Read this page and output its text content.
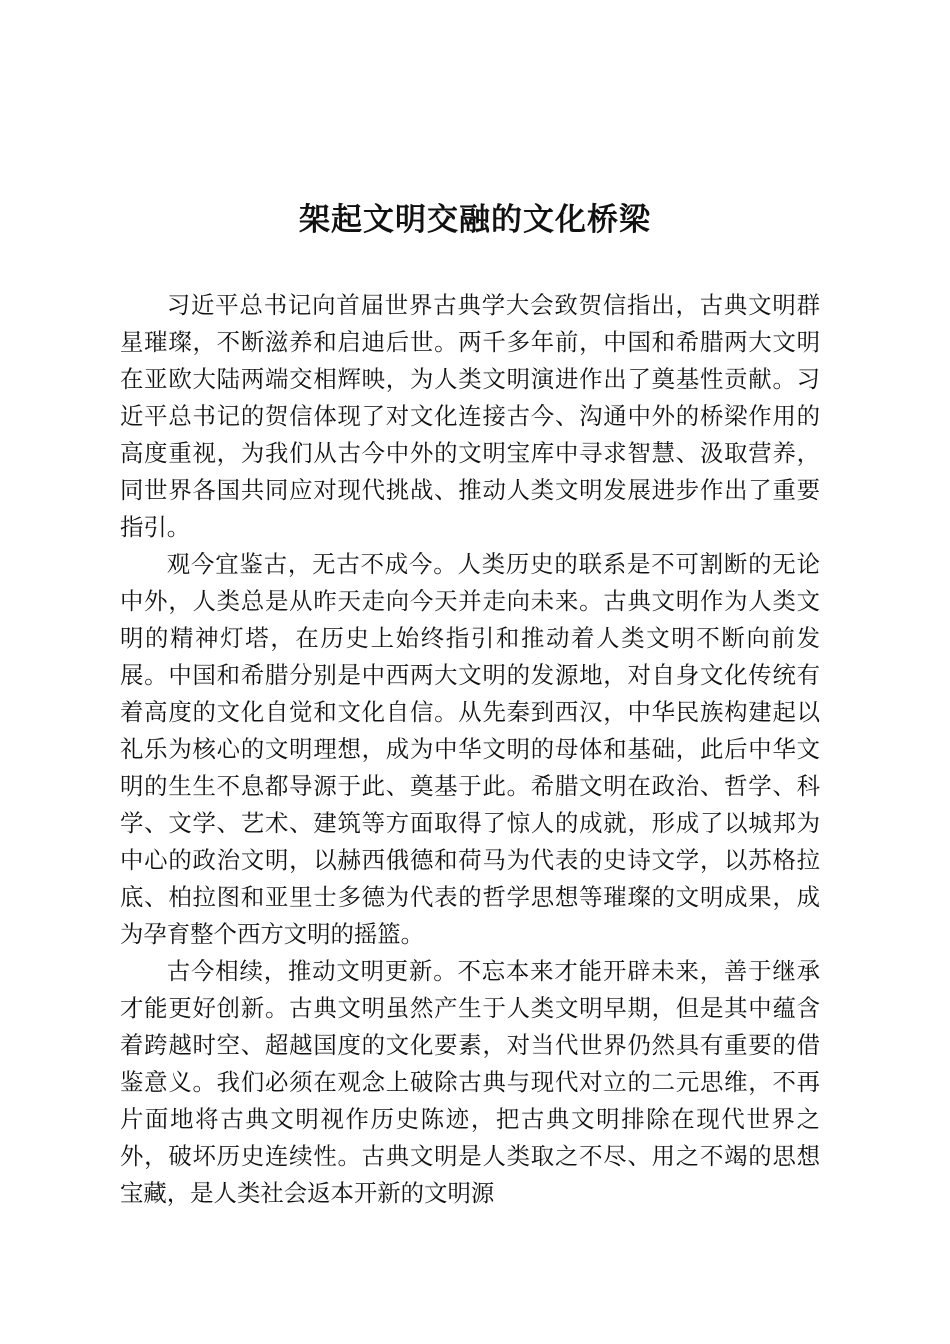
架起文明交融的文化桥梁

习近平总书记向首届世界古典学大会致贺信指出，古典文明群星璀璨，不断滋养和启迪后世。两千多年前，中国和希腊两大文明在亚欧大陆两端交相辉映，为人类文明演进作出了奠基性贡献。习近平总书记的贺信体现了对文化连接古今、沟通中外的桥梁作用的高度重视，为我们从古今中外的文明宝库中寻求智慧、汲取营养，同世界各国共同应对现代挑战、推动人类文明发展进步作出了重要指引。

观今宜鉴古，无古不成今。人类历史的联系是不可割断的无论中外，人类总是从昨天走向今天并走向未来。古典文明作为人类文明的精神灯塔，在历史上始终指引和推动着人类文明不断向前发展。中国和希腊分别是中西两大文明的发源地，对自身文化传统有着高度的文化自觉和文化自信。从先秦到西汉，中华民族构建起以礼乐为核心的文明理想，成为中华文明的母体和基础，此后中华文明的生生不息都导源于此、奠基于此。希腊文明在政治、哲学、科学、文学、艺术、建筑等方面取得了惊人的成就，形成了以城邦为中心的政治文明，以赫西俄德和荷马为代表的史诗文学，以苏格拉底、柏拉图和亚里士多德为代表的哲学思想等璀璨的文明成果，成为孕育整个西方文明的摇篮。

古今相续，推动文明更新。不忘本来才能开辟未来，善于继承才能更好创新。古典文明虽然产生于人类文明早期，但是其中蕴含着跨越时空、超越国度的文化要素，对当代世界仍然具有重要的借鉴意义。我们必须在观念上破除古典与现代对立的二元思维，不再片面地将古典文明视作历史陈迹，把古典文明排除在现代世界之外，破坏历史连续性。古典文明是人类取之不尽、用之不竭的思想宝藏，是人类社会返本开新的文明源
